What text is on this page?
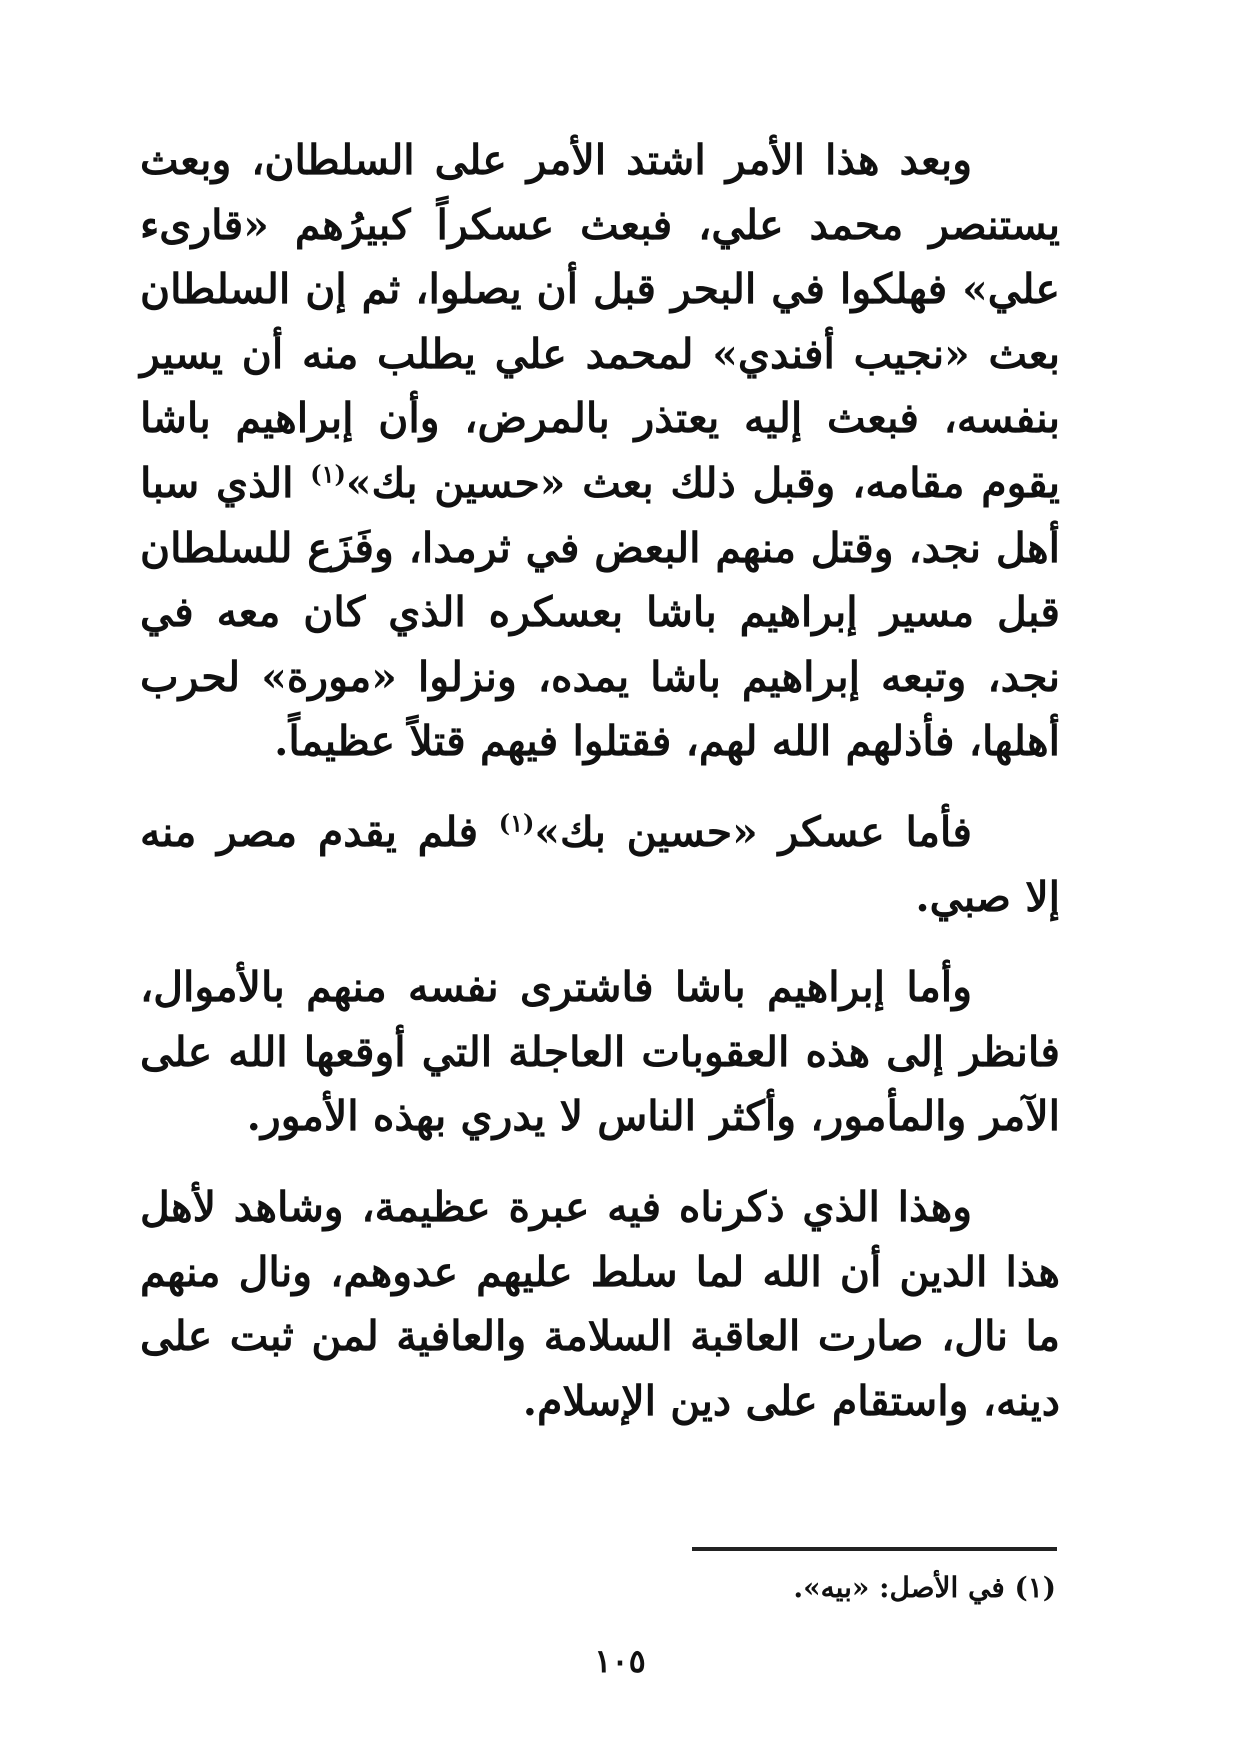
وبعد هذا الأمر اشتد الأمر على السلطان، وبعث يستنصر محمد علي، فبعث عسكراً كبيرُهم «قارىء علي» فهلكوا في البحر قبل أن يصلوا، ثم إن السلطان بعث «نجيب أفندي» لمحمد علي يطلب منه أن يسير بنفسه، فبعث إليه يعتذر بالمرض، وأن إبراهيم باشا يقوم مقامه، وقبل ذلك بعث «حسين بك»$^{(١)}$ الذي سبا أهل نجد، وقتل منهم البعض في ثرمدا، وفَزَع للسلطان قبل مسير إبراهيم باشا بعسكره الذي كان معه في نجد، وتبعه إبراهيم باشا يمده، ونزلوا «مورة» لحرب أهلها، فأذلهم الله لهم، فقتلوا فيهم قتلاً عظيماً.

فأما عسكر «حسين بك»$^{(١)}$ فلم يقدم مصر منه إلا صبي.

وأما إبراهيم باشا فاشترى نفسه منهم بالأموال، فانظر إلى هذه العقوبات العاجلة التي أوقعها الله على الآمر والمأمور، وأكثر الناس لا يدري بهذه الأمور.

وهذا الذي ذكرناه فيه عبرة عظيمة، وشاهد لأهل هذا الدين أن الله لما سلط عليهم عدوهم، ونال منهم ما نال، صارت العاقبة السلامة والعافية لمن ثبت على دينه، واستقام على دين الإسلام.

(١) في الأصل: «بيه».
١٠٥
